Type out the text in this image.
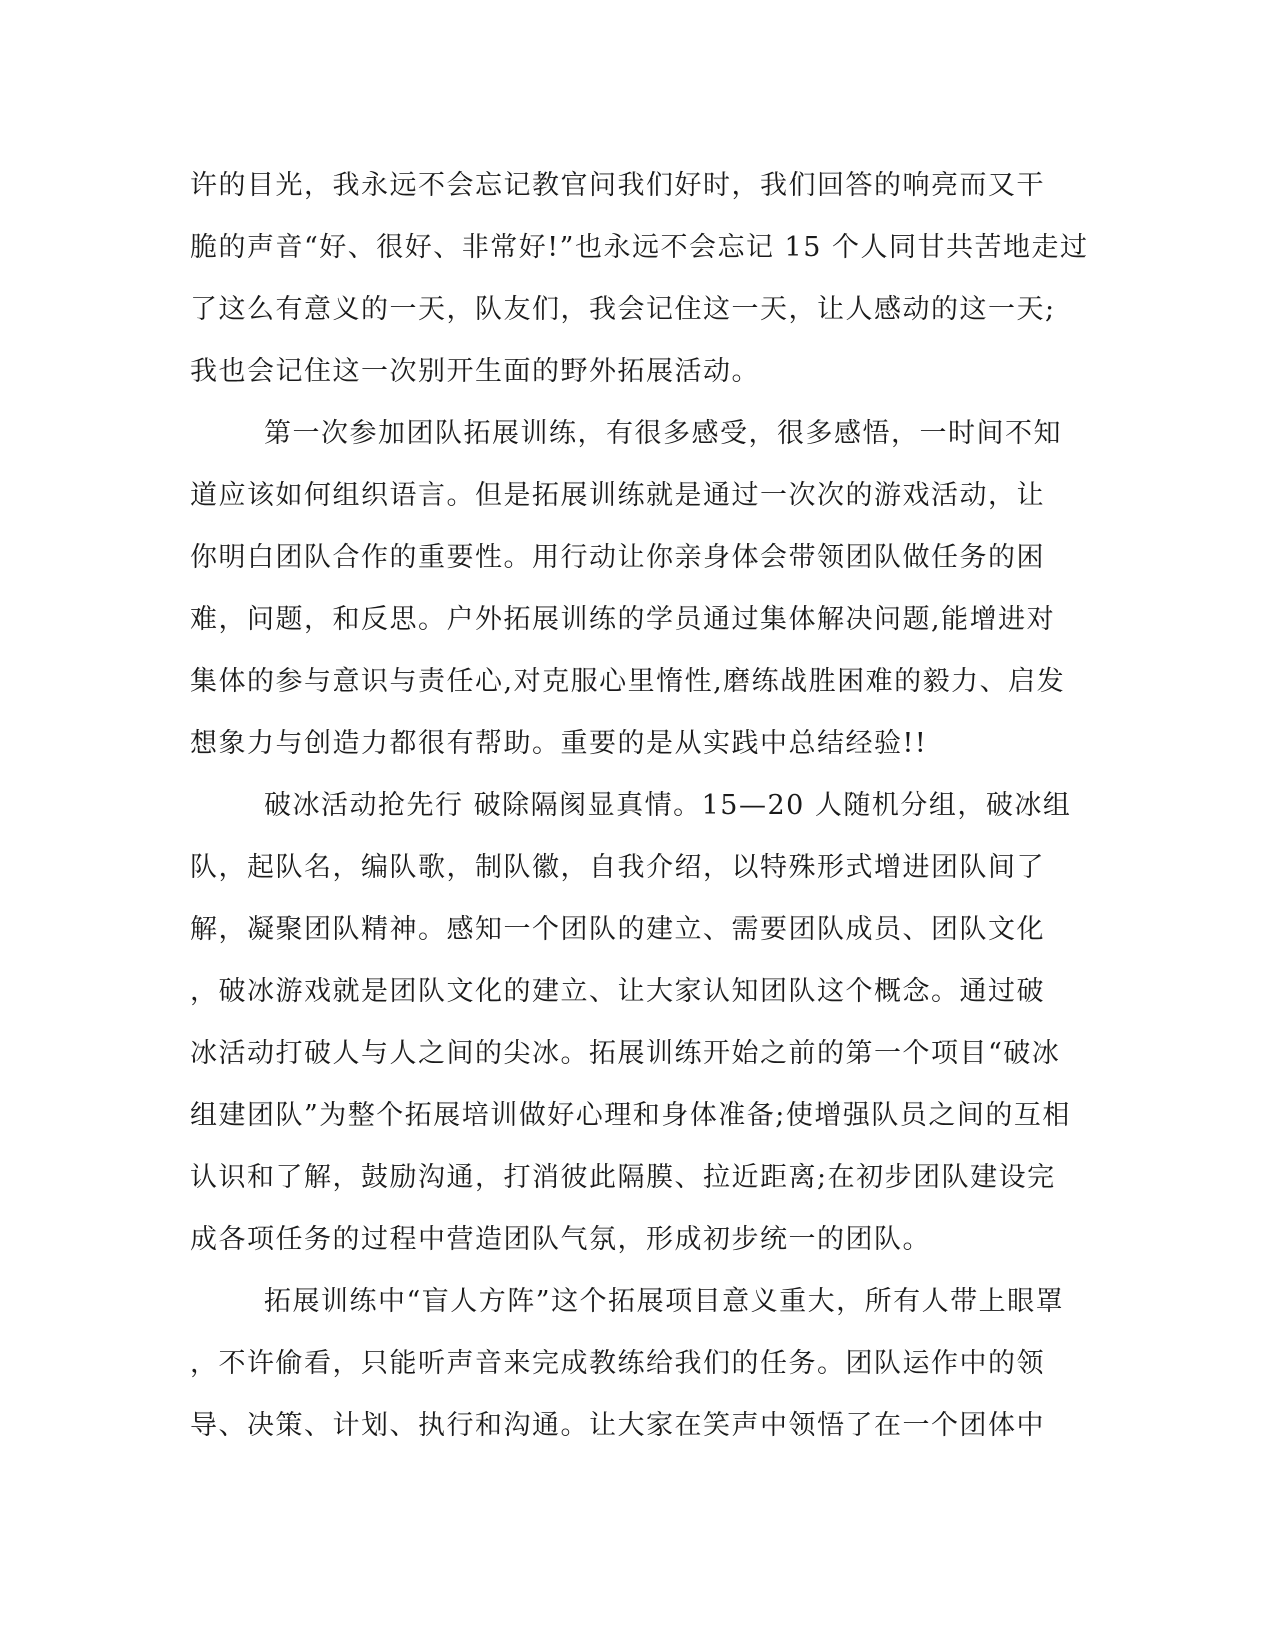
许的目光，我永远不会忘记教官问我们好时，我们回答的响亮而又干
脆的声音“好、很好、非常好!”也永远不会忘记 15 个人同甘共苦地走过
了这么有意义的一天，队友们，我会记住这一天，让人感动的这一天;
我也会记住这一次别开生面的野外拓展活动。
第一次参加团队拓展训练，有很多感受，很多感悟，一时间不知
道应该如何组织语言。但是拓展训练就是通过一次次的游戏活动，让
你明白团队合作的重要性。用行动让你亲身体会带领团队做任务的困
难，问题，和反思。户外拓展训练的学员通过集体解决问题,能增进对
集体的参与意识与责任心,对克服心里惰性,磨练战胜困难的毅力、启发
想象力与创造力都很有帮助。重要的是从实践中总结经验!!
破冰活动抢先行 破除隔阂显真情。15—20 人随机分组，破冰组
队，起队名，编队歌，制队徽，自我介绍，以特殊形式增进团队间了
解，凝聚团队精神。感知一个团队的建立、需要团队成员、团队文化
，破冰游戏就是团队文化的建立、让大家认知团队这个概念。通过破
冰活动打破人与人之间的尖冰。拓展训练开始之前的第一个项目“破冰
组建团队”为整个拓展培训做好心理和身体准备;使增强队员之间的互相
认识和了解，鼓励沟通，打消彼此隔膜、拉近距离;在初步团队建设完
成各项任务的过程中营造团队气氛，形成初步统一的团队。
拓展训练中“盲人方阵”这个拓展项目意义重大，所有人带上眼罩
，不许偷看，只能听声音来完成教练给我们的任务。团队运作中的领
导、决策、计划、执行和沟通。让大家在笑声中领悟了在一个团体中
